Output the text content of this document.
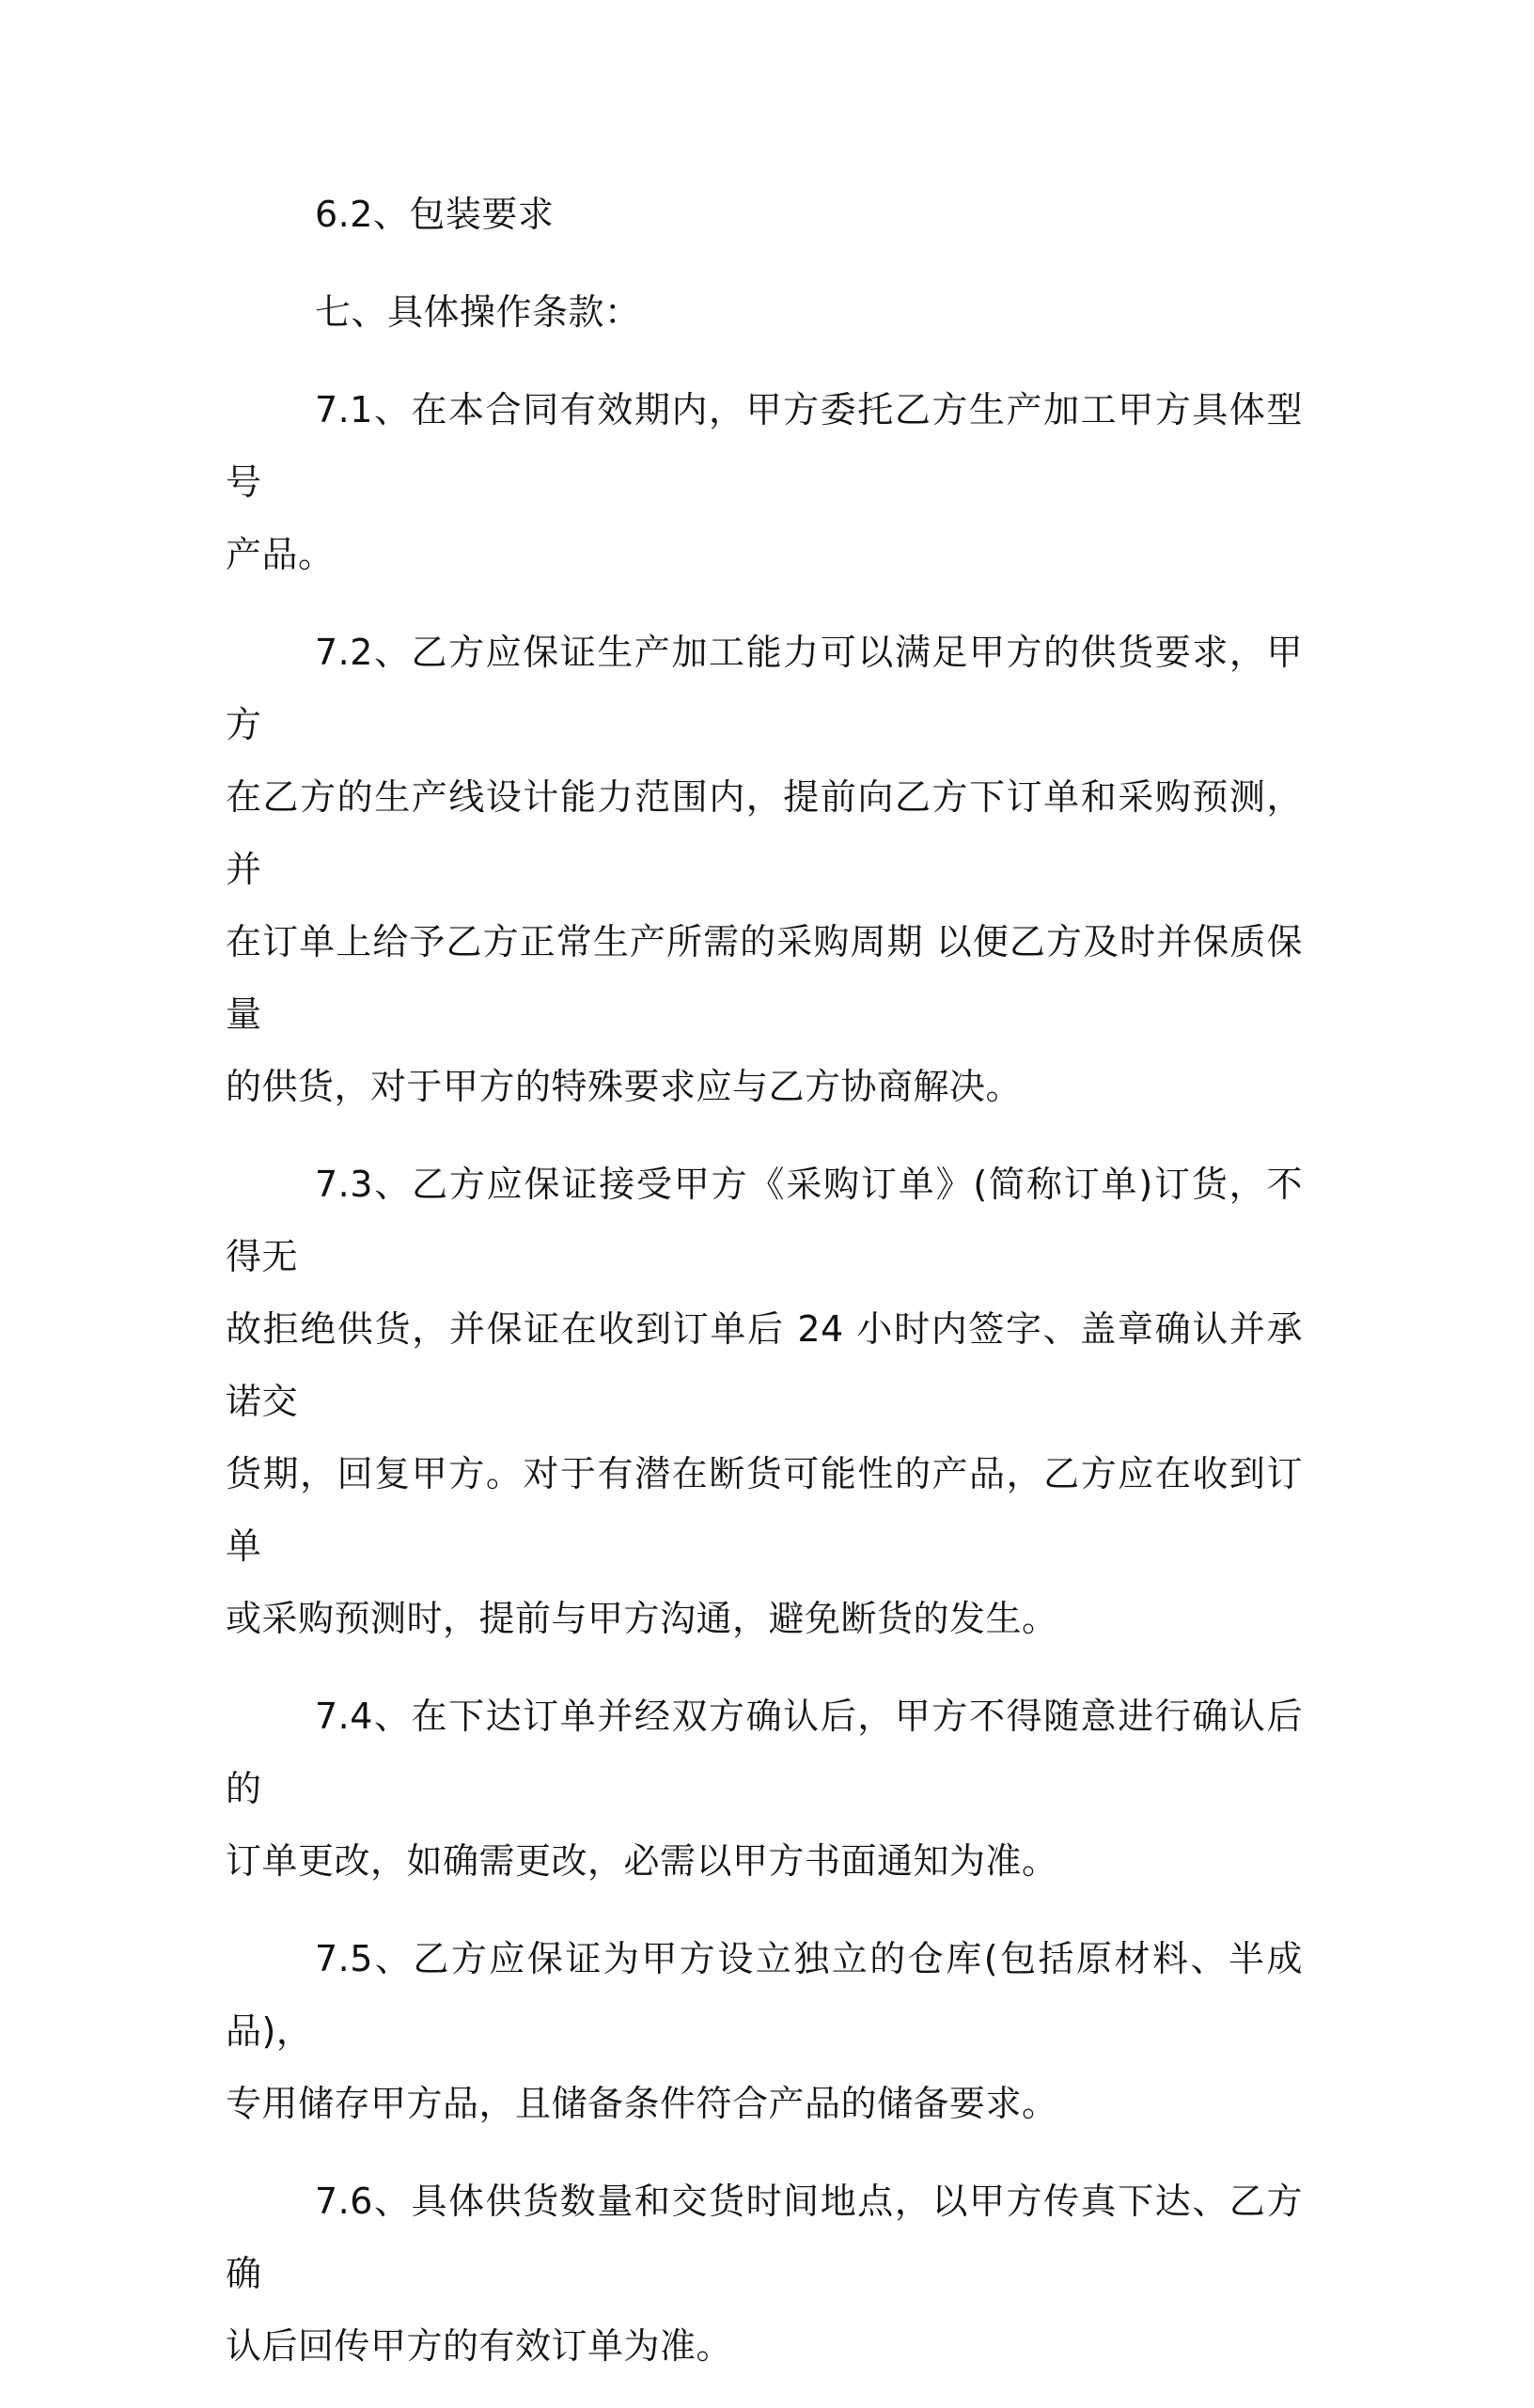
6.2、包装要求

七、具体操作条款：

7.1、在本合同有效期内，甲方委托乙方生产加工甲方具体型号
产品。

7.2、乙方应保证生产加工能力可以满足甲方的供货要求，甲方
在乙方的生产线设计能力范围内，提前向乙方下订单和采购预测，并
在订单上给予乙方正常生产所需的采购周期 以便乙方及时并保质保量
的供货，对于甲方的特殊要求应与乙方协商解决。

7.3、乙方应保证接受甲方《采购订单》(简称订单)订货，不得无
故拒绝供货，并保证在收到订单后 24 小时内签字、盖章确认并承诺交
货期，回复甲方。对于有潜在断货可能性的产品，乙方应在收到订单
或采购预测时，提前与甲方沟通，避免断货的发生。

7.4、在下达订单并经双方确认后，甲方不得随意进行确认后的
订单更改，如确需更改，必需以甲方书面通知为准。

7.5、乙方应保证为甲方设立独立的仓库(包括原材料、半成品)，
专用储存甲方品，且储备条件符合产品的储备要求。

7.6、具体供货数量和交货时间地点，以甲方传真下达、乙方确
认后回传甲方的有效订单为准。
